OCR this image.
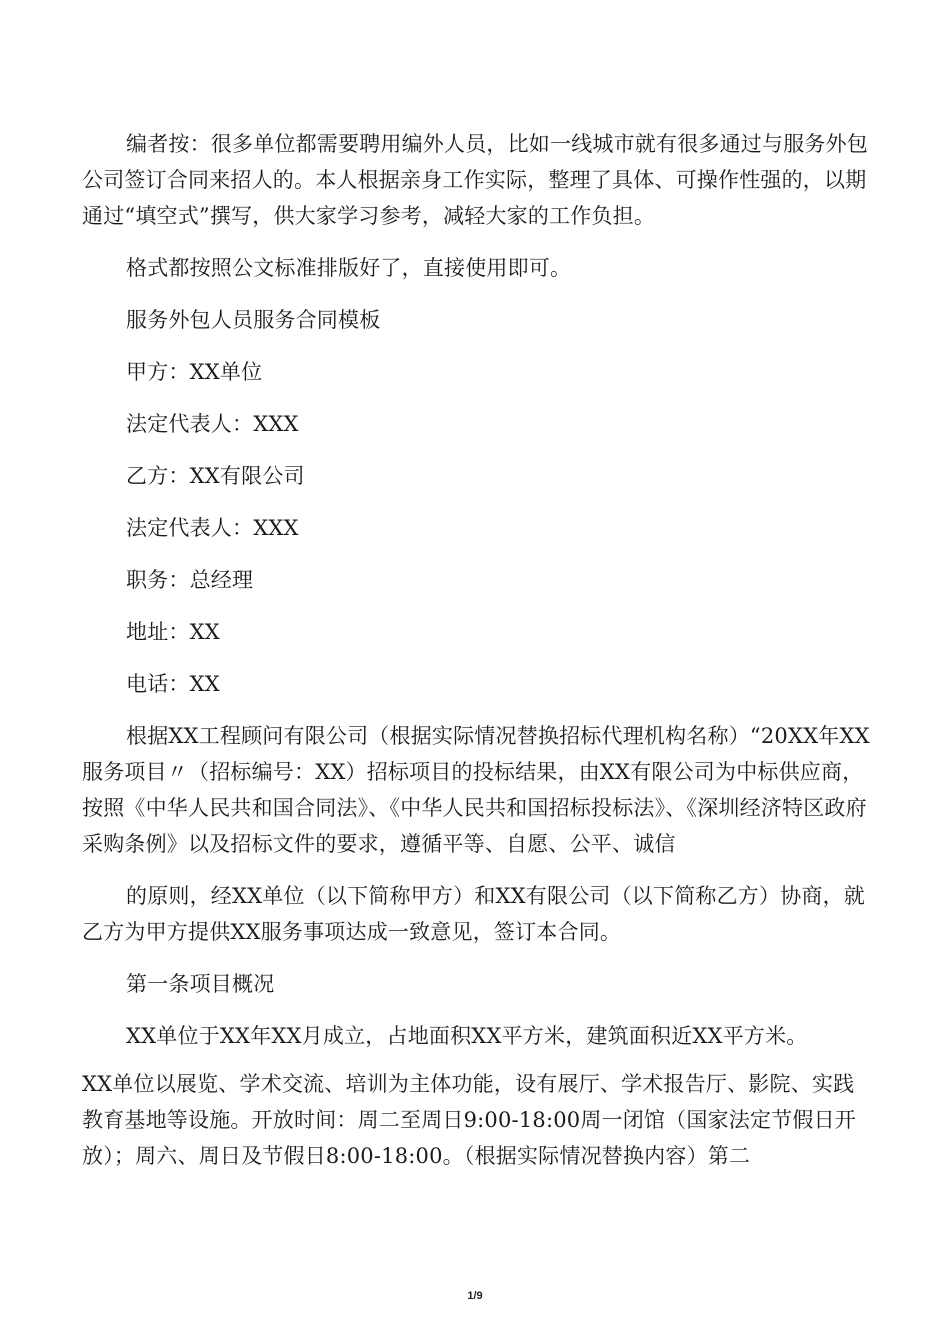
编者按：很多单位都需要聘用编外人员，比如一线城市就有很多通过与服务外包公司签订合同来招人的。本人根据亲身工作实际，整理了具体、可操作性强的，以期通过“填空式”撰写，供大家学习参考，减轻大家的工作负担。

格式都按照公文标准排版好了，直接使用即可。

服务外包人员服务合同模板

甲方：XX单位

法定代表人：XXX

乙方：XX有限公司

法定代表人：XXX

职务：总经理

地址：XX

电话：XX

根据XX工程顾问有限公司（根据实际情况替换招标代理机构名称）“20XX年XX服务项目〃（招标编号：XX）招标项目的投标结果，由XX有限公司为中标供应商，按照《中华人民共和国合同法》、《中华人民共和国招标投标法》、《深圳经济特区政府采购条例》以及招标文件的要求，遵循平等、自愿、公平、诚信

的原则，经XX单位（以下简称甲方）和XX有限公司（以下简称乙方）协商，就乙方为甲方提供XX服务事项达成一致意见，签订本合同。

第一条项目概况

XX单位于XX年XX月成立，占地面积XX平方米，建筑面积近XX平方米。

XX单位以展览、学术交流、培训为主体功能，设有展厅、学术报告厅、影院、实践教育基地等设施。开放时间：周二至周日9:00-18:00周一闭馆（国家法定节假日开放）；周六、周日及节假日8:00-18:00。（根据实际情况替换内容）第二

1/9
